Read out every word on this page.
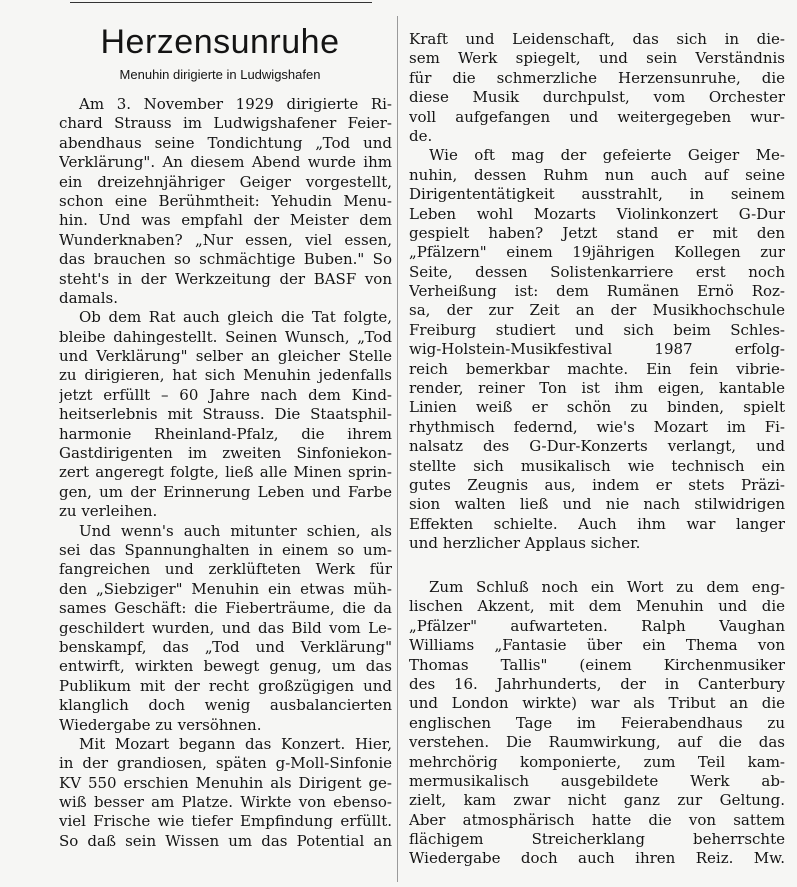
Herzensunruhe
Menuhin dirigierte in Ludwigshafen
Am 3. November 1929 dirigierte Ri-
chard Strauss im Ludwigshafener Feier-
abendhaus seine Tondichtung „Tod und
Verklärung". An diesem Abend wurde ihm
ein dreizehnjähriger Geiger vorgestellt,
schon eine Berühmtheit: Yehudin Menu-
hin. Und was empfahl der Meister dem
Wunderknaben? „Nur essen, viel essen,
das brauchen so schmächtige Buben." So
steht's in der Werkzeitung der BASF von
damals.
Ob dem Rat auch gleich die Tat folgte,
bleibe dahingestellt. Seinen Wunsch, „Tod
und Verklärung" selber an gleicher Stelle
zu dirigieren, hat sich Menuhin jedenfalls
jetzt erfüllt – 60 Jahre nach dem Kind-
heitserlebnis mit Strauss. Die Staatsphil-
harmonie Rheinland-Pfalz, die ihrem
Gastdirigenten im zweiten Sinfoniekon-
zert angeregt folgte, ließ alle Minen sprin-
gen, um der Erinnerung Leben und Farbe
zu verleihen.
Und wenn's auch mitunter schien, als
sei das Spannunghalten in einem so um-
fangreichen und zerklüfteten Werk für
den „Siebziger" Menuhin ein etwas müh-
sames Geschäft: die Fieberträume, die da
geschildert wurden, und das Bild vom Le-
benskampf, das „Tod und Verklärung"
entwirft, wirkten bewegt genug, um das
Publikum mit der recht großzügigen und
klanglich doch wenig ausbalancierten
Wiedergabe zu versöhnen.
Mit Mozart begann das Konzert. Hier,
in der grandiosen, späten g-Moll-Sinfonie
KV 550 erschien Menuhin als Dirigent ge-
wiß besser am Platze. Wirkte von ebenso-
viel Frische wie tiefer Empfindung erfüllt.
So daß sein Wissen um das Potential an
Kraft und Leidenschaft, das sich in die-
sem Werk spiegelt, und sein Verständnis
für die schmerzliche Herzensunruhe, die
diese Musik durchpulst, vom Orchester
voll aufgefangen und weitergegeben wur-
de.
Wie oft mag der gefeierte Geiger Me-
nuhin, dessen Ruhm nun auch auf seine
Dirigententätigkeit ausstrahlt, in seinem
Leben wohl Mozarts Violinkonzert G-Dur
gespielt haben? Jetzt stand er mit den
„Pfälzern" einem 19jährigen Kollegen zur
Seite, dessen Solistenkarriere erst noch
Verheißung ist: dem Rumänen Ernö Roz-
sa, der zur Zeit an der Musikhochschule
Freiburg studiert und sich beim Schles-
wig-Holstein-Musikfestival 1987 erfolg-
reich bemerkbar machte. Ein fein vibrie-
render, reiner Ton ist ihm eigen, kantable
Linien weiß er schön zu binden, spielt
rhythmisch federnd, wie's Mozart im Fi-
nalsatz des G-Dur-Konzerts verlangt, und
stellte sich musikalisch wie technisch ein
gutes Zeugnis aus, indem er stets Präzi-
sion walten ließ und nie nach stilwidrigen
Effekten schielte. Auch ihm war langer
und herzlicher Applaus sicher.
Zum Schluß noch ein Wort zu dem eng-
lischen Akzent, mit dem Menuhin und die
„Pfälzer" aufwarteten. Ralph Vaughan
Williams „Fantasie über ein Thema von
Thomas Tallis" (einem Kirchenmusiker
des 16. Jahrhunderts, der in Canterbury
und London wirkte) war als Tribut an die
englischen Tage im Feierabendhaus zu
verstehen. Die Raumwirkung, auf die das
mehrchörig komponierte, zum Teil kam-
mermusikalisch ausgebildete Werk ab-
zielt, kam zwar nicht ganz zur Geltung.
Aber atmosphärisch hatte die von sattem
flächigem Streicherklang beherrschte
Wiedergabe doch auch ihren Reiz. Mw.
